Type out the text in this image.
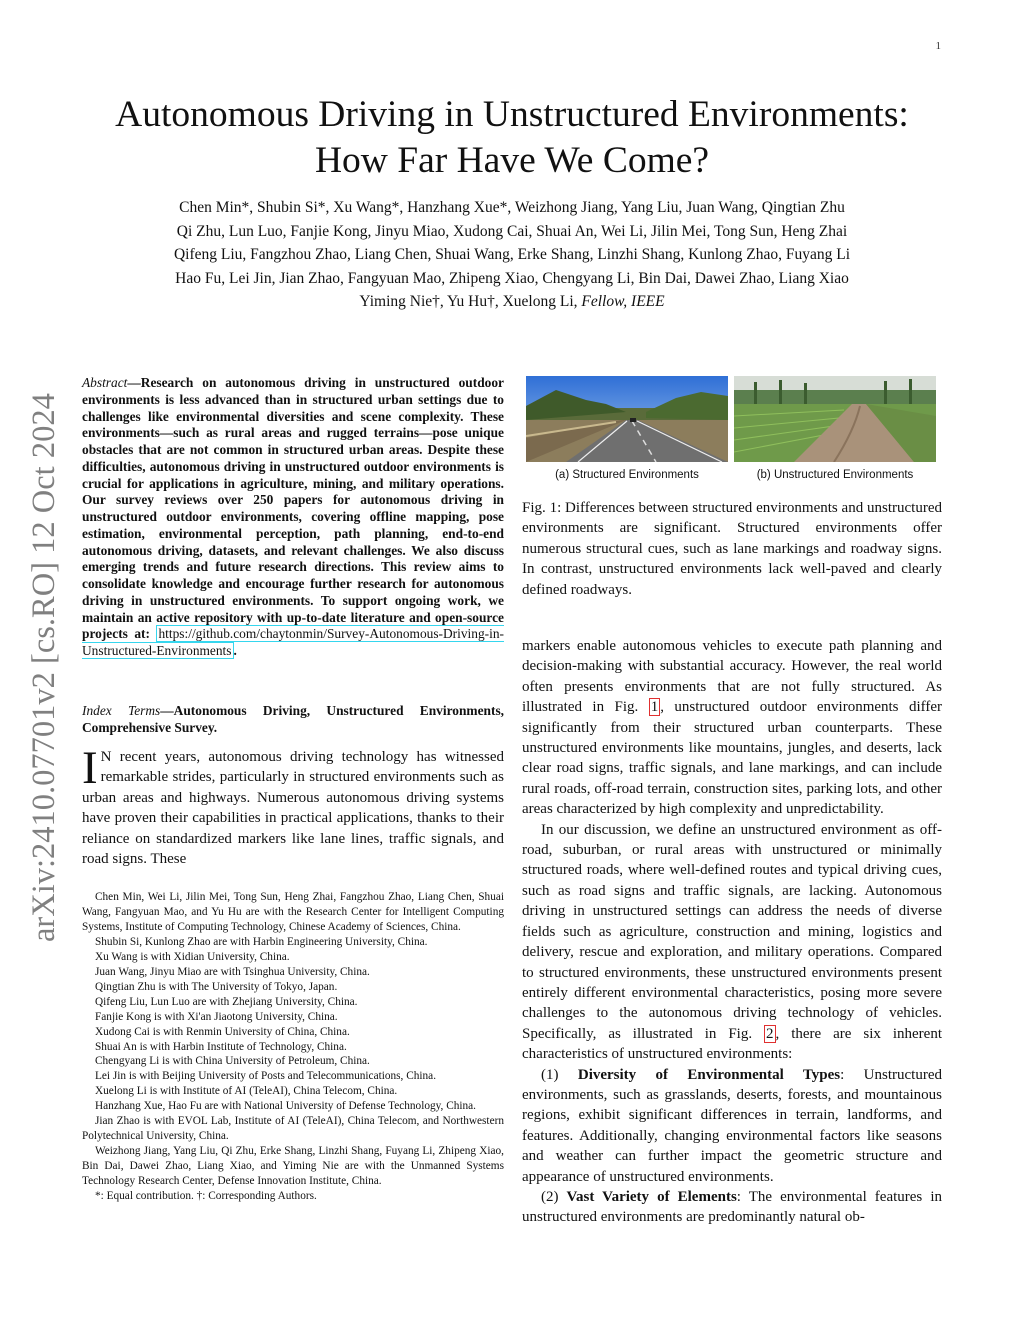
1
arXiv:2410.07701v2 [cs.RO] 12 Oct 2024
Autonomous Driving in Unstructured Environments:
How Far Have We Come?
Chen Min*, Shubin Si*, Xu Wang*, Hanzhang Xue*, Weizhong Jiang, Yang Liu, Juan Wang, Qingtian Zhu
Qi Zhu, Lun Luo, Fanjie Kong, Jinyu Miao, Xudong Cai, Shuai An, Wei Li, Jilin Mei, Tong Sun, Heng Zhai
Qifeng Liu, Fangzhou Zhao, Liang Chen, Shuai Wang, Erke Shang, Linzhi Shang, Kunlong Zhao, Fuyang Li
Hao Fu, Lei Jin, Jian Zhao, Fangyuan Mao, Zhipeng Xiao, Chengyang Li, Bin Dai, Dawei Zhao, Liang Xiao
Yiming Nie†, Yu Hu†, Xuelong Li, Fellow, IEEE
Abstract—Research on autonomous driving in unstructured outdoor environments is less advanced than in structured urban settings due to challenges like environmental diversities and scene complexity. These environments—such as rural areas and rugged terrains—pose unique obstacles that are not common in structured urban areas. Despite these difficulties, autonomous driving in unstructured outdoor environments is crucial for applications in agriculture, mining, and military operations. Our survey reviews over 250 papers for autonomous driving in unstructured outdoor environments, covering offline mapping, pose estimation, environmental perception, path planning, end-to-end autonomous driving, datasets, and relevant challenges. We also discuss emerging trends and future research directions. This review aims to consolidate knowledge and encourage further research for autonomous driving in unstructured environments. To support ongoing work, we maintain an active repository with up-to-date literature and open-source projects at: https://github.com/chaytonmin/Survey-Autonomous-Driving-in-Unstructured-Environments .
Index Terms—Autonomous Driving, Unstructured Environments, Comprehensive Survey.
I N recent years, autonomous driving technology has witnessed remarkable strides, particularly in structured environments such as urban areas and highways. Numerous autonomous driving systems have proven their capabilities in practical applications, thanks to their reliance on standardized markers like lane lines, traffic signals, and road signs. These

Chen Min, Wei Li, Jilin Mei, Tong Sun, Heng Zhai, Fangzhou Zhao, Liang Chen, Shuai Wang, Fangyuan Mao, and Yu Hu are with the Research Center for Intelligent Computing Systems, Institute of Computing Technology, Chinese Academy of Sciences, China.

Shubin Si, Kunlong Zhao are with Harbin Engineering University, China.

Xu Wang is with Xidian University, China.

Juan Wang, Jinyu Miao are with Tsinghua University, China.

Qingtian Zhu is with The University of Tokyo, Japan.

Qifeng Liu, Lun Luo are with Zhejiang University, China.

Fanjie Kong is with Xi'an Jiaotong University, China.

Xudong Cai is with Renmin University of China, China.

Shuai An is with Harbin Institute of Technology, China.

Chengyang Li is with China University of Petroleum, China.

Lei Jin is with Beijing University of Posts and Telecommunications, China.

Xuelong Li is with Institute of AI (TeleAI), China Telecom, China.

Hanzhang Xue, Hao Fu are with National University of Defense Technology, China.

Jian Zhao is with EVOL Lab, Institute of AI (TeleAI), China Telecom, and Northwestern Polytechnical University, China.

Weizhong Jiang, Yang Liu, Qi Zhu, Erke Shang, Linzhi Shang, Fuyang Li, Zhipeng Xiao, Bin Dai, Dawei Zhao, Liang Xiao, and Yiming Nie are with the Unmanned Systems Technology Research Center, Defense Innovation Institute, China.

*: Equal contribution. †: Corresponding Authors.

(a) Structured Environments	(b) Unstructured Environments
Fig. 1: Differences between structured environments and unstructured environments are significant. Structured environments offer numerous structural cues, such as lane markings and roadway signs. In contrast, unstructured environments lack well-paved and clearly defined roadways.

markers enable autonomous vehicles to execute path planning and decision-making with substantial accuracy. However, the real world often presents environments that are not fully structured. As illustrated in Fig. 1 , unstructured outdoor environments differ significantly from their structured urban counterparts. These unstructured environments like mountains, jungles, and deserts, lack clear road signs, traffic signals, and lane markings, and can include rural roads, off-road terrain, construction sites, parking lots, and other areas characterized by high complexity and unpredictability.

In our discussion, we define an unstructured environment as off-road, suburban, or rural areas with unstructured or minimally structured roads, where well-defined routes and typical driving cues, such as road signs and traffic signals, are lacking. Autonomous driving in unstructured settings can address the needs of diverse fields such as agriculture, construction and mining, logistics and delivery, rescue and exploration, and military operations. Compared to structured environments, these unstructured environments present entirely different environmental characteristics, posing more severe challenges to the autonomous driving technology of vehicles. Specifically, as illustrated in Fig. 2 , there are six inherent characteristics of unstructured environments:

(1) Diversity of Environmental Types: Unstructured environments, such as grasslands, deserts, forests, and mountainous regions, exhibit significant differences in terrain, landforms, and features. Additionally, changing environmental factors like seasons and weather can further impact the geometric structure and appearance of unstructured environments.

(2) Vast Variety of Elements: The environmental features in unstructured environments are predominantly natural ob-
